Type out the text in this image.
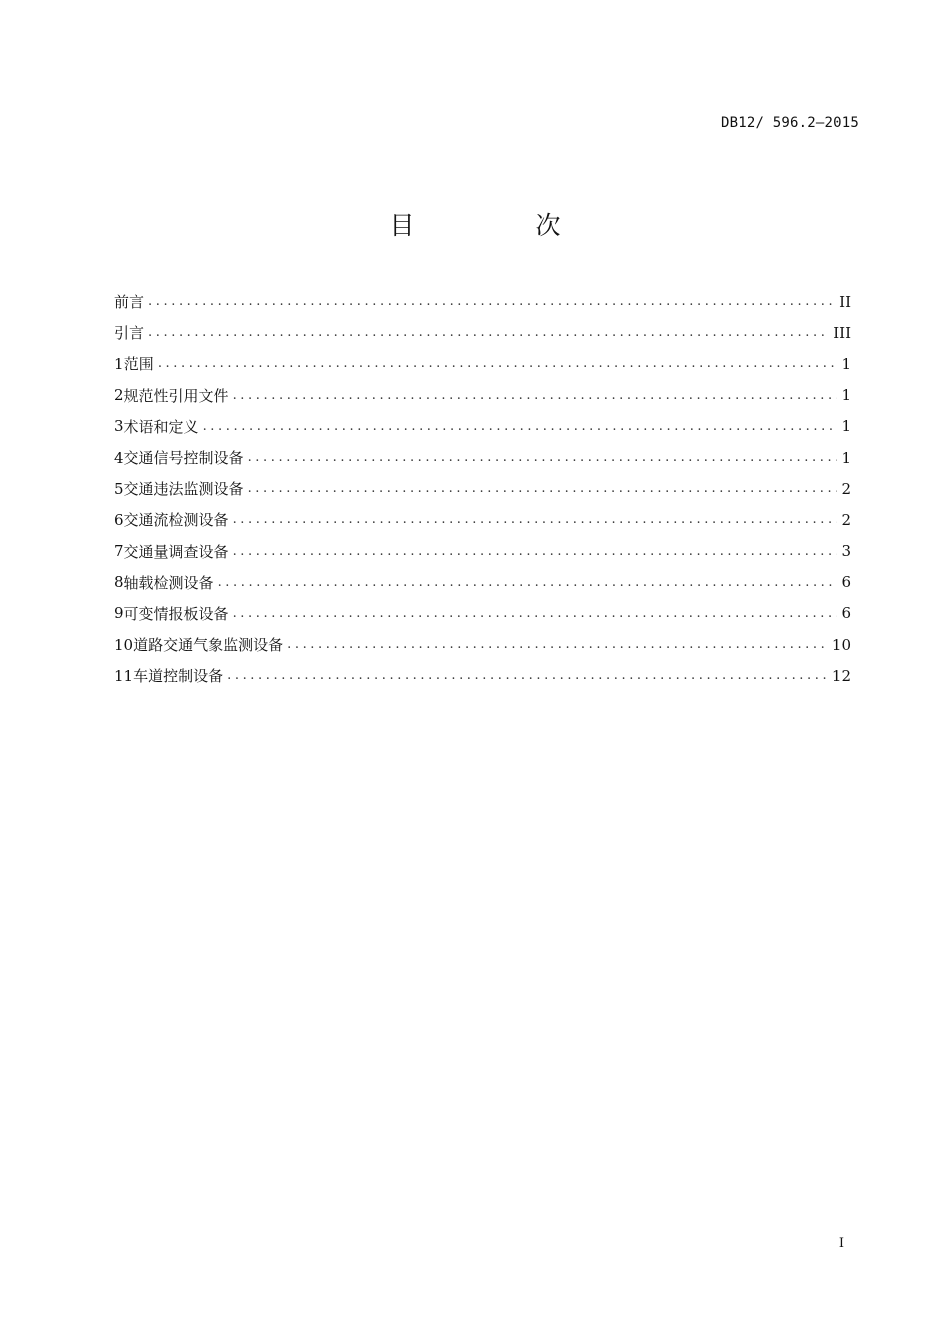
DB12/ 596.2—2015
目　次
前言 .....	II
引言 .....	III
1 范围 .....	1
2 规范性引用文件 .....	1
3 术语和定义 .....	1
4 交通信号控制设备 .....	1
5 交通违法监测设备 .....	2
6 交通流检测设备 .....	2
7 交通量调查设备 .....	3
8 轴载检测设备 .....	6
9 可变情报板设备 .....	6
10 道路交通气象监测设备 .....	10
11 车道控制设备 .....	12
I
